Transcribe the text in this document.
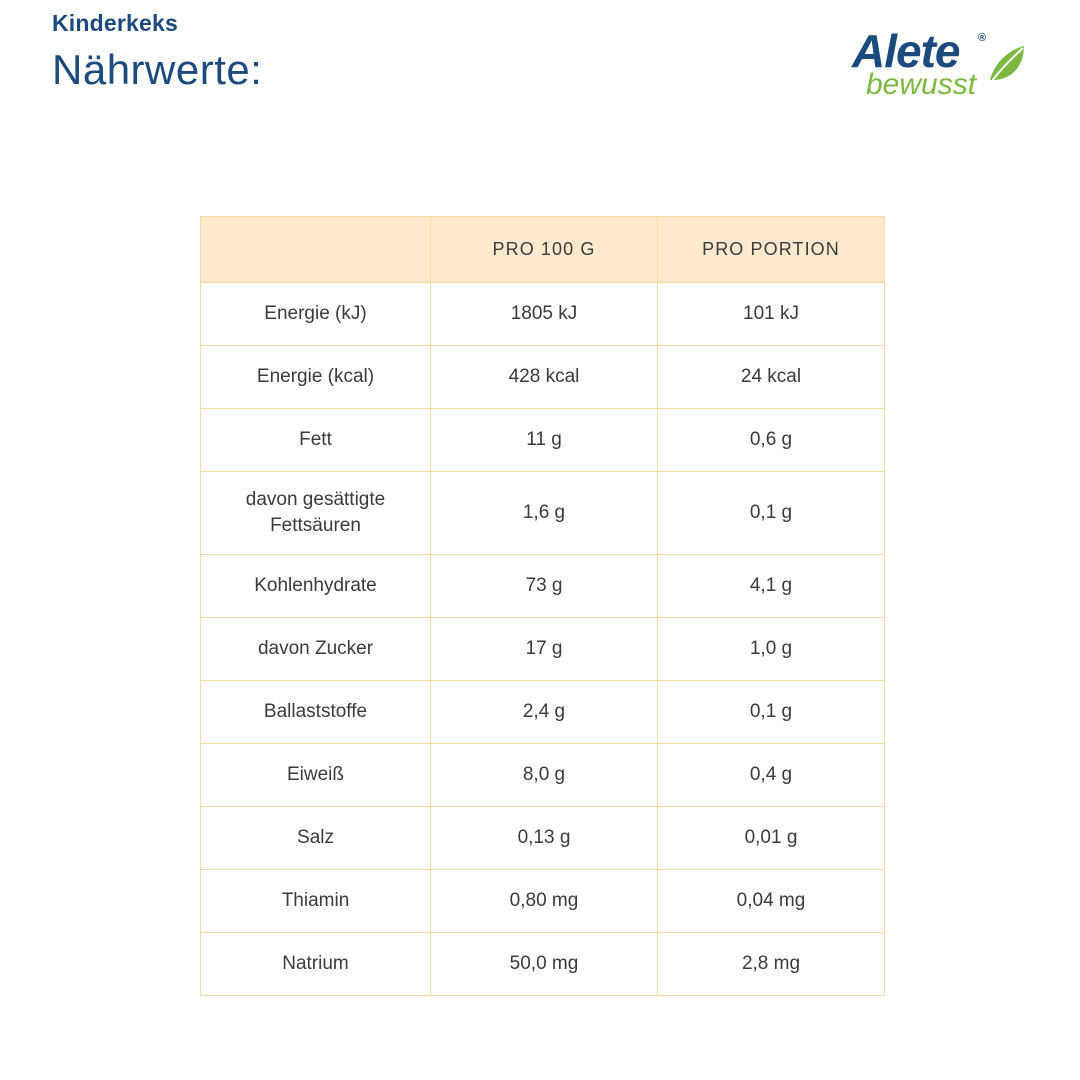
Kinderkeks
Nährwerte:	Alete ®
bewusst
	PRO 100 G	PRO PORTION
Energie (kJ)	1805 kJ	101 kJ
Energie (kcal)	428 kcal	24 kcal
Fett	11 g	0,6 g
davon gesättigte Fettsäuren	1,6 g	0,1 g
Kohlenhydrate	73 g	4,1 g
davon Zucker	17 g	1,0 g
Ballaststoffe	2,4 g	0,1 g
Eiweiß	8,0 g	0,4 g
Salz	0,13 g	0,01 g
Thiamin	0,80 mg	0,04 mg
Natrium	50,0 mg	2,8 mg
